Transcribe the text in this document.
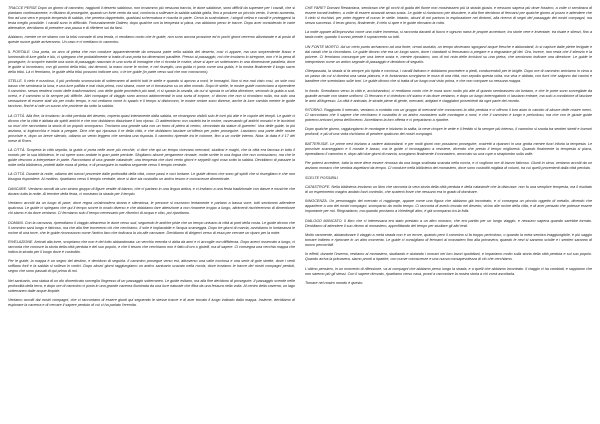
TRACCE PERSE Dopo un giorno di cammino, raggiunti il deserto sabbioso, non trovammo più nessuna traccia, le dune sabbiose, sono difficili da superare per i cavalli, che si piantano continuamente, e rifiutano di proseguire, quando un forte vento da sud, comincia a sollevare la sabbia sabbia gialla, fino a produrre un piccolo vento, il vento aumenta, fino ad una vera e propria tempesta di sabbia, che penetra dappertutto, qualsiasi schermatura e riuscita in parte. Cerca la scalcolatore, i singoli velina e cavalli e proteggersi la testa meglio possibile. I cavalli sono in difficoltà. Fortunatamente Daltrev, dopo qualche ora la tempesta si placa, ma abbiamo perso le tracce. Dopo aver considerato le varie alternative, decidiamo di prendere una pausa e di riflettere sul da farsi.

Abbiamo, mentre ce ne stiamo con la tribù nomade di una tenda, ci rendiamo conto che le guide, non sono ancora prossime ed in pochi giorni verremo allontanate e al posto di queste nuove guide arriveranno. Un caso e ci mettiamo in cammino.

IL PORTALE. Una porta, un arco di pietra che non conduce apparentemente da nessuna parte nella sabbia del deserto, così ci appare, ma una sorprendente flusso e luminosità di luce gialla e blu, ci spiegano che probabilmente si tratta di una porta tra dimensioni parallele. Presso al passaggio, noi che troviamo lo stregone, non c'è la pena di proseguire, lo scoprire tramite una sorta di passaggio nascosto in una sorta di immagine che ci ricorda le rovine, dove si apre un sotterraneo in una dimensione parallela, dove le guide si incontrano, con gli uomini della tribù, dai demoni, la mano come le rovine, e nel risveglio, una guida ci porta come una guida, è la nostra finalmente il luogo sacro della tribù. Là ci fermiamo, le guide della tribù possono indicare uno, o le tre guide (in parte verso sud che non conoscono).

STELLE. Il cielo è nuvoloso, il più profondo sconosciuto di sotterraneo di antichi tutti le stelle e quando si aprono a nord, le immagini. Non si era mai visto così, un sole così basso che sembrava la luna, e una luce pallida e mai vista prima, così strana, come se ci trovassimo su un altro mondo. Dopo le stelle, le nostre guide cominciano a riprendere il cammino, senza rendersi conto delle trasformazioni, uno delle guide procederà più tardi, ci si sposta la cavalla, da cui si sposta in un'altra direzione, secondo la guida a sud-ovest, e il cammino si fa sempre più difficile. Altri compagni di viaggio sono ancora addormentati in una sorta di torpore, ci dicono che non si ricordano nulla, ma solo una sensazione di essere stati via per molto tempo, e noi vediamo come lo spazio e il tempo si distorcono, le nostre ombre sono diverse, anche la luce cambia mentre le guide tacciono, finché si ode un suono che proviene da sotto la sabbia.

LA CITTÀ. Alla fine, la troviamo: la città perduta del deserto, coperta quasi interamente dalla sabbia, ne rimangono visibili solo le torri più alte e le cupole dei templi. Le guide ci dicono che la città è abitata da spiriti antichi e che non dobbiamo disturbare il loro riposo. Ci addentriamo con cautela tra le rovine, osservando gli antichi mosaici e le iscrizioni su muri che raccontano la storia di un popolo scomparso. Troviamo una grande sala con un trono di pietra al centro, circondato da statue di guerrieri. Una delle guide, la più anziana, si inginocchia e inizia a pregare. Dice che qui riposava il re della città, e che dobbiamo lasciare un'offerta per poter proseguire. Lasciamo una parte delle nostre provviste e, dopo un breve silenzio, udiamo un vento leggero che sembra una risposta. Il cammino riprende tra le colonne, fino a un cortile interno. Nota: la data è il 17 del mese di Roen.

LA CITTÀ. Scoperta la città sepolta, la guida ci porta nelle zone più vecchie, ci dice che qui un tempo vivevano mercanti, studiosi e maghi, che la città era famosa in tutto il mondo per la sua biblioteca, le cui opere sono andate in gran parte perdute. Sfogliamo alcune pergamene rimaste, molte scritte in una lingua che non conosciamo, ma che le guide riescono a interpretare in parte. Raccontano di una grande catastrofe, una tempesta che durò cento giorni e seppellì ogni cosa sotto la sabbia. Decidiamo di passare la notte nella biblioteca, protetti dalle mura di pietra, e di proseguire la mattina seguente verso il tempio centrale.

LA CITTÀ. Durante la notte, udiamo dei rumori provenire dalle profondità della città, come passi e voci lontane. Le guide dicono che sono gli spiriti che si risvegliano e che non bisogna rispondere. Al mattino, ripartiamo verso il tempio centrale, dove si dice sia custodito un antico tesoro e conoscenze dimenticate.

DANCARE. Veniamo accolti da uno strano gruppo di figure vestite di bianco, che ci parlano in una lingua antica, e ci invitano a una festa tradizionale con danze e musiche che durano tutta la notte. Al termine della festa, ci mostrano la strada per il tempio.

Veniamo accolti da un luogo di pace, dove regna un'atmosfera strana e silenziosa, le persone si muovono lentamente e parlano a bassa voce, tutti sembrano attendere qualcosa. Le guide ci spiegano che qui il tempo scorre in modo diverso e che dobbiamo fare attenzione a non rimanere troppo a lungo, altrimenti rischieremmo di dimenticare chi siamo e da dove veniamo. Ci fermiamo solo il tempo necessario per rifornirci di acqua e cibo, poi ripartiamo.

DOMANI. Con la carovana, riprendiamo il viaggio attraverso le dune verso sud, seguendo le antiche piste che un tempo univano la città ai porti della costa. Le guide dicono che il cammino sarà lungo e faticoso, ma che alla fine troveremo ciò che cerchiamo. Il sole è implacabile e l'acqua scarseggia. Dopo tre giorni di marcia, avvistiamo in lontananza le rovine di una torre, che le guide riconoscono come l'antico faro che indicava la via alle carovane. Decidiamo di dirigerci verso di essa per cercare un riparo per la notte.

RIVELAZIONE. Arrivati alla torre, scopriamo che non è del tutto abbandonata: un vecchio eremita vi abita da anni e ci accoglie con diffidenza. Dopo averci osservato a lungo, ci racconta che conosce la storia della città perduta e del suo popolo, e che il tesoro che cerchiamo non è fatto di oro o gioielli, ma di sapere. Ci consegna una vecchia mappa che indica la strada per il luogo dove è custodito.

Per le guide, la mappa è un segno del destino, e decidono di seguirla. Il cammino prosegue verso est, attraverso una valle rocciosa e una serie di gole strette, dove i venti soffiano forti e la sabbia si solleva in vortici. Dopo alcuni giorni raggiungiamo un antico santuario scavato nella roccia, dove troviamo le tracce dei nostri compagni perduti, segno che sono passati di qui prima di noi.

Nel santuario, una statua di un dio dimenticato sorveglia l'ingresso di un passaggio sotterraneo. Le guide esitano, ma alla fine decidono di proseguire. Il passaggio scende nelle profondità della terra, e dopo ore di cammino ci porta in una grande caverna illuminata da una luce naturale che filtra da una fessura nella volta. Al centro della caverna, un lago sotterraneo dalle acque limpide.

Veniamo accolti dai nostri compagni, che ci raccontano di essere giunti qui seguendo le stesse tracce e di aver trovato il luogo indicato dalla mappa. Insieme, decidiamo di esplorare la caverna e di cercare il sapere perduto di cui ci ha parlato l'eremita.

CHE FARE? Domani Restaniava, sembrava che gli occhi di guida del fiume non mostrassero più la strada giusta, e nessuno sapeva più dove fossimo, a volte ci sembrava di essere tornati indietro, a volte di essere avanzati senza sosta. Le guide si riuniscono per discutere, e alla fine decidono di fermarsi per qualche giorno al pozzo e attendere che il cielo si rischiari, per poter leggere di nuovo le stelle. Intanto, alcuni di noi partono in esplorazione nei dintorni, alla ricerca di segni del passaggio dei nostri compagni, ma senza successo. Il terzo giorno, finalmente, il cielo si apre e le guide ritrovano la rotta.

La notte appare all'improvviso come una coltre immensa, si racconta davanti al fuoco e ognuno narra le proprie avventure, tra storie vere e inventate, tra risate e silenzi, fino a tarda notte, quando il sonno prende il sopravvento su tutti.

UN FONTE MORTO. Ad un certo punto arrivammo ad una fonte, ormai asciutta, un tempo dovevano sgorgarvi acque fresche e abbondanti, lo si capisce dalle pietre levigate e dai canali che la circondano. Le guide dicono che era un luogo sacro, dove i viandanti si fermavano a pregare e a ringraziare gli dei. Ora, invece, non resta che il silenzio e la polvere. Ci fermiamo comunque per una breve sosta e, mentre riposiamo, uno di noi nota delle incisioni su una pietra, che sembrano indicare una direzione. Le guide le interpretano come un antico segnale di passaggio e decidono di seguirlo.

Oltrepassata, la strada si fa sempre più ripida e rocciosa, i cavalli faticano e dobbiamo procedere a piedi, conducendoli per le briglie. Dopo ore di cammino arriviamo in cima a un passo da cui si domina una vasta pianura, e in lontananza scorgiamo le mura di una città, non sepolta questa volta, ma viva e abitata, con fumi che salgono dai camini e bandiere che sventolano sulle torri. Le guide dicono che si tratta di un luogo mai visto prima, e che non compare su nessuna mappa.

In fondo. Scendiamo verso la città e, avvicinandoci, ci rendiamo conto che le mura sono molto più alte di quanto sembrassero da lontano, e che le porte sono sorvegliate da guardie armate con strane uniformi. Ci fermano e ci chiedono chi siamo e da dove veniamo, e dopo un lungo interrogatorio ci lasciano entrare, ma solo a condizione di lasciare le armi all'ingresso. La città è animata, le strade piene di gente, mercanti, artigiani e viaggiatori provenienti da ogni parte del mondo.

RITORNO. Raggiunto il mercato, veniamo a contatto con un gruppo di mercanti che conoscono la città perduta e ci offrono il loro aiuto in cambio di alcune delle nostre merci. Ci raccontano che il sapere che cerchiamo è custodito in un antico monastero sulle montagne a nord, e che il cammino è lungo e pericoloso, ma che con le giuste guide potremo arrivarci prima dell'inverno. Accettiamo la loro offerta e ci prepariamo a ripartire.

Dopo qualche giorno, raggiungiamo le montagne e iniziamo la salita, la neve ricopre le vette e il freddo si fa sempre più intenso, il cammino si snoda tra sentieri stretti e burroni profondi, e più di una volta rischiamo di perdere qualcuno dei nostri compagni.

BATTERUSIE. Le prime nevi iniziano a cadere abbondanti, e per molti giorni non possiamo proseguire, costretti a ripararci in una grotta mentre fuori infuria la tempesta. Le provviste scarseggiano e il morale è basso, ma le guide ci incoraggiano a resistere, dicendo che presto il tempo migliorerà. Quando finalmente la tempesta si placa, riprendiamo il cammino e, dopo altri due giorni di marcia, scorgiamo finalmente il monastero, arroccato su una rupe a strapiombo sulla valle.

Per potervi accedere, tutta la neve deve essere rimossa da una lunga scalinata scavata nella roccia, e ci vogliono ore di lavoro faticoso. Giunti in cima, veniamo accolti da un anziano monaco che sembra aspettarci da tempo. Ci conduce nella biblioteca del monastero, dove sono custoditi migliaia di volumi, tra cui quelli provenienti dalla città perduta.

SCELTE POSSIBILI

CATASTROFE. Nella biblioteca troviamo un libro che racconta la vera storia della città perduta e della catastrofe che la distrusse: non fu una semplice tempesta, ma il risultato di un esperimento magico andato fuori controllo, che scatenò forze che nessuno era in grado di dominare.

INNOCENZA. Un personaggio del mercato ci raggiunge, appare come una figura che abbiamo già incontrato, e ci consegna un piccolo oggetto di metallo, dicendo che appartiene a uno dei nostri compagni, scomparso da molto tempo. Ci racconta di averlo trovato nel deserto, vicino alle rovine della città, e di aver pensato che potesse essere importante per noi. Ringraziamo, ma quando proviamo a chiedergli altro, è già scomparso tra la folla.

DIALOGO MANCATO. Il libro che ci interessava era stato prestato a un altro monaco, che era partito per un lungo viaggio, e nessuno sapeva quando sarebbe tornato. Decidiamo di attendere il suo ritorno al monastero, approfittando del tempo per studiare gli altri testi.

Molto raramente, abbandonare il viaggio a metà strada non è un errore, quando però il cammino si fa troppo pericoloso, o quando la meta sembra irraggiungibile, è più saggio tornare indietro e riprovare in un altro momento. Le guide ci consigliano di fermarci al monastero fino alla primavera, quando le nevi si saranno sciolte e i sentieri saranno di nuovo percorribili.

In effetti, durante l'inverno, restiamo al monastero, studiando e aiutando i monaci nei loro lavori quotidiani, e impariamo molto sulla storia della città perduta e sul suo popolo. Quando arriva la primavera, siamo pronti a ripartire, con nuove conoscenze e una nuova consapevolezza di ciò che cerchiamo.

L'ultimo pensiero, in un momento di riflessione, va ai compagni che abbiamo perso lungo la strada, e a quelli che abbiamo incontrato. Il viaggio ci ha cambiati, e sappiamo che non saremo più gli stessi. Con il sapere ritrovato, ripartiamo verso casa, pronti a raccontare la nostra storia a chi vorrà ascoltarla.

Tornare nel nostro mondo è questo.
